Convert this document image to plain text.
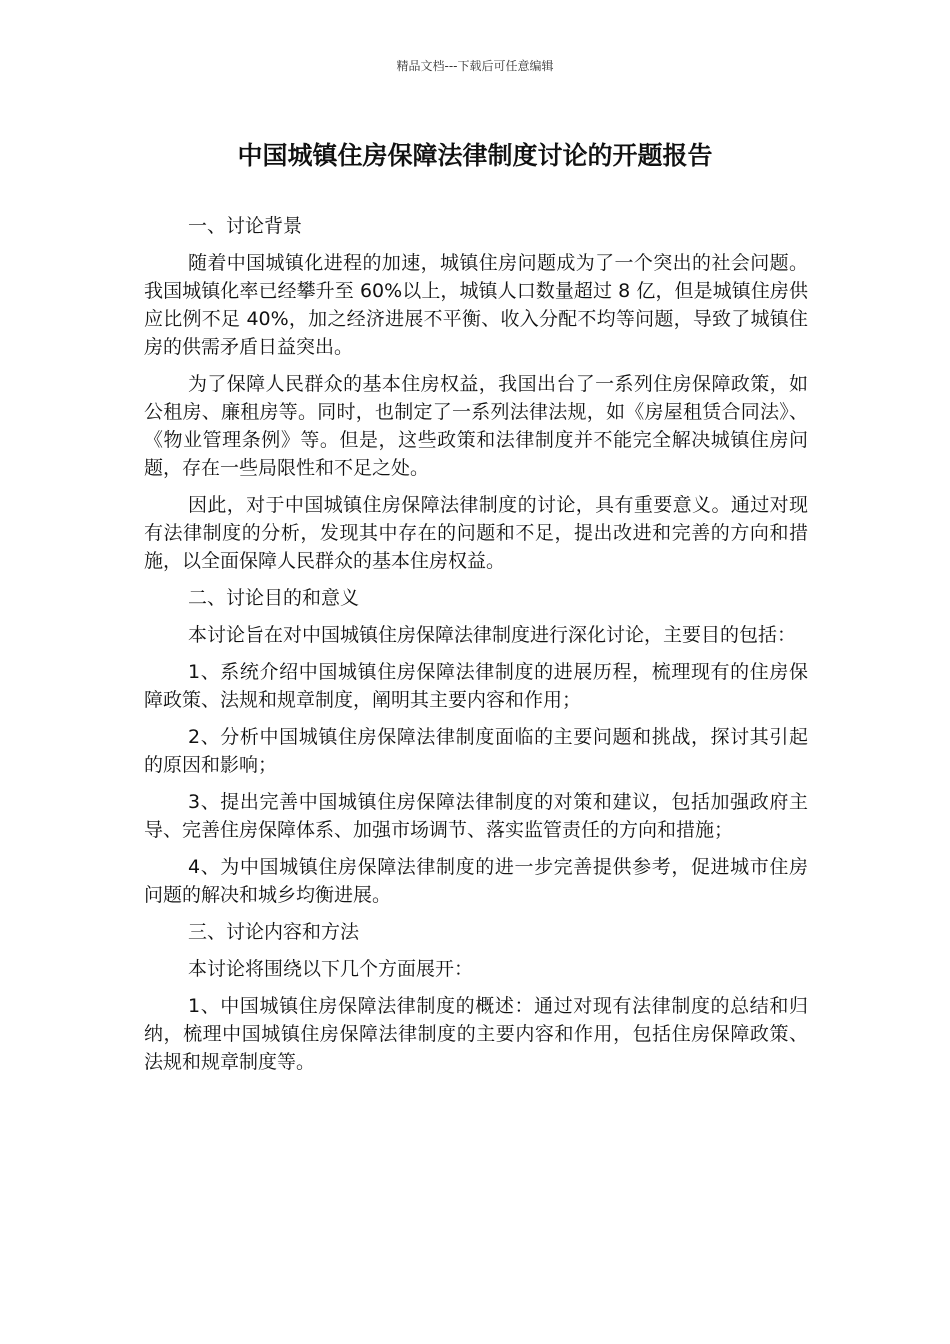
精品文档---下载后可任意编辑
中国城镇住房保障法律制度讨论的开题报告

一、讨论背景

随着中国城镇化进程的加速，城镇住房问题成为了一个突出的社会问题。我国城镇化率已经攀升至 60%以上，城镇人口数量超过 8 亿，但是城镇住房供应比例不足 40%，加之经济进展不平衡、收入分配不均等问题，导致了城镇住房的供需矛盾日益突出。

为了保障人民群众的基本住房权益，我国出台了一系列住房保障政策，如公租房、廉租房等。同时，也制定了一系列法律法规，如《房屋租赁合同法》、《物业管理条例》等。但是，这些政策和法律制度并不能完全解决城镇住房问题，存在一些局限性和不足之处。

因此，对于中国城镇住房保障法律制度的讨论，具有重要意义。通过对现有法律制度的分析，发现其中存在的问题和不足，提出改进和完善的方向和措施，以全面保障人民群众的基本住房权益。

二、讨论目的和意义

本讨论旨在对中国城镇住房保障法律制度进行深化讨论，主要目的包括：

1、系统介绍中国城镇住房保障法律制度的进展历程，梳理现有的住房保障政策、法规和规章制度，阐明其主要内容和作用；

2、分析中国城镇住房保障法律制度面临的主要问题和挑战，探讨其引起的原因和影响；

3、提出完善中国城镇住房保障法律制度的对策和建议，包括加强政府主导、完善住房保障体系、加强市场调节、落实监管责任的方向和措施；

4、为中国城镇住房保障法律制度的进一步完善提供参考，促进城市住房问题的解决和城乡均衡进展。

三、讨论内容和方法

本讨论将围绕以下几个方面展开：

1、中国城镇住房保障法律制度的概述：通过对现有法律制度的总结和归纳，梳理中国城镇住房保障法律制度的主要内容和作用，包括住房保障政策、法规和规章制度等。
